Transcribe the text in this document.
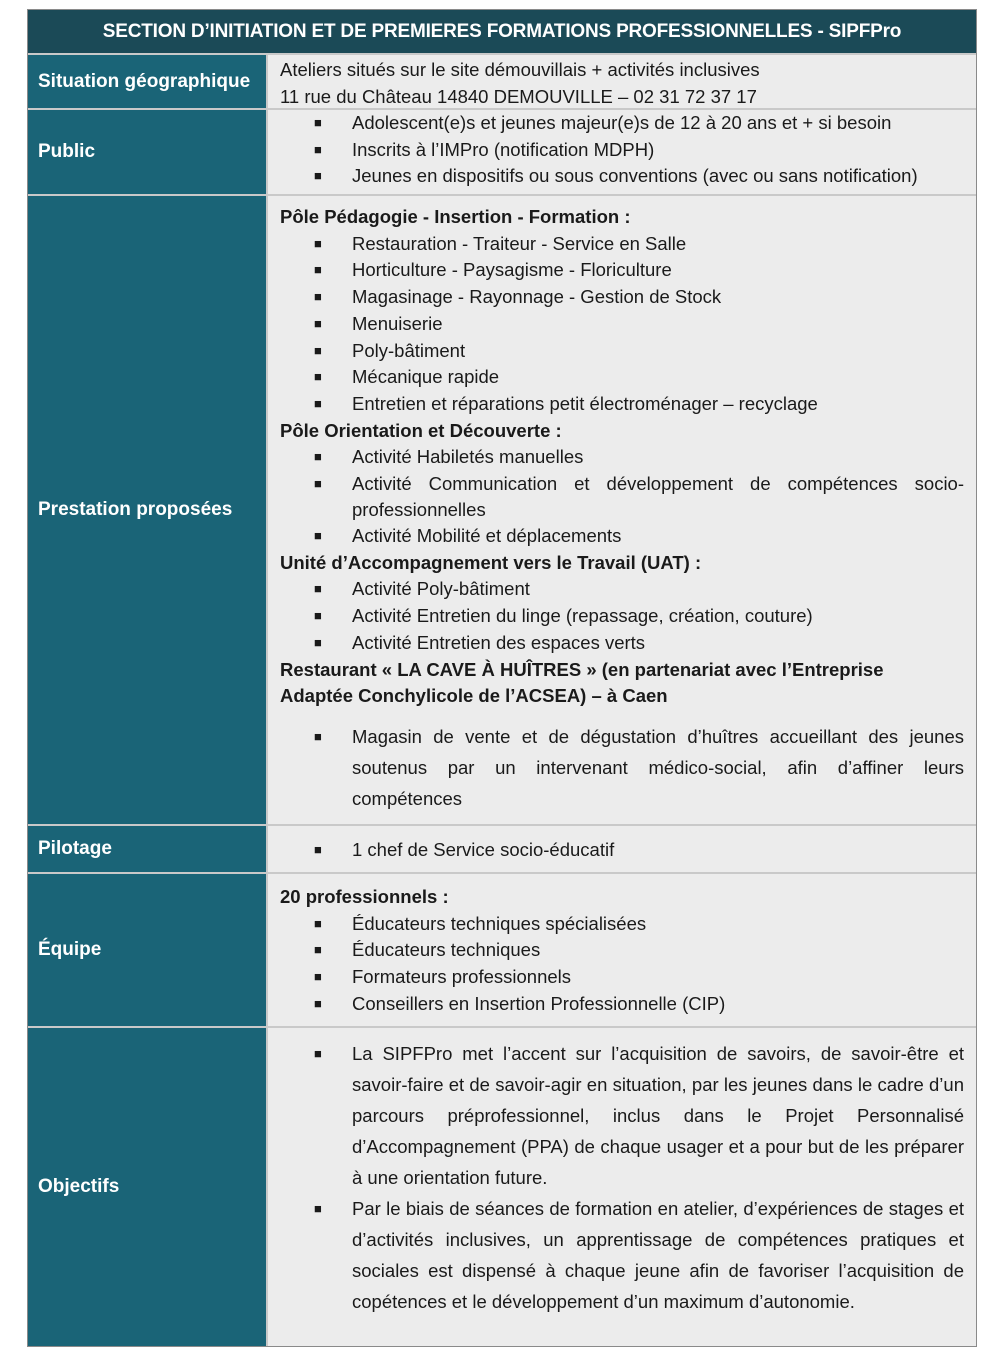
SECTION D’INITIATION ET DE PREMIERES FORMATIONS PROFESSIONNELLES - SIPFPro
Situation géographique
Ateliers situés sur le site démouvillais + activités inclusives
11 rue du Château 14840 DEMOUVILLE – 02 31 72 37 17
Public
■ Adolescent(e)s et jeunes majeur(e)s de 12 à 20 ans et + si besoin
■ Inscrits à l’IMPro (notification MDPH)
■ Jeunes en dispositifs ou sous conventions (avec ou sans notification)
Prestation proposées
Pôle Pédagogie - Insertion - Formation :
■ Restauration - Traiteur - Service en Salle
■ Horticulture - Paysagisme - Floriculture
■ Magasinage - Rayonnage - Gestion de Stock
■ Menuiserie
■ Poly-bâtiment
■ Mécanique rapide
■ Entretien et réparations petit électroménager – recyclage
Pôle Orientation et Découverte :
■ Activité Habiletés manuelles
■ Activité Communication et développement de compétences socio-professionnelles
■ Activité Mobilité et déplacements
Unité d’Accompagnement vers le Travail (UAT) :
■ Activité Poly-bâtiment
■ Activité Entretien du linge (repassage, création, couture)
■ Activité Entretien des espaces verts
Restaurant « LA CAVE À HUÎTRES » (en partenariat avec l’Entreprise Adaptée Conchylicole de l’ACSEA) – à Caen
■ Magasin de vente et de dégustation d’huîtres accueillant des jeunes soutenus par un intervenant médico-social, afin d’affiner leurs compétences
Pilotage	■ 1 chef de Service socio-éducatif
Équipe
20 professionnels :
■ Éducateurs techniques spécialisées
■ Éducateurs techniques
■ Formateurs professionnels
■ Conseillers en Insertion Professionnelle (CIP)
Objectifs
■ La SIPFPro met l’accent sur l’acquisition de savoirs, de savoir-être et savoir-faire et de savoir-agir en situation, par les jeunes dans le cadre d’un parcours préprofessionnel, inclus dans le Projet Personnalisé d’Accompagnement (PPA) de chaque usager et a pour but de les préparer à une orientation future.
■ Par le biais de séances de formation en atelier, d’expériences de stages et d’activités inclusives, un apprentissage de compétences pratiques et sociales est dispensé à chaque jeune afin de favoriser l’acquisition de copétences et le développement d’un maximum d’autonomie.
